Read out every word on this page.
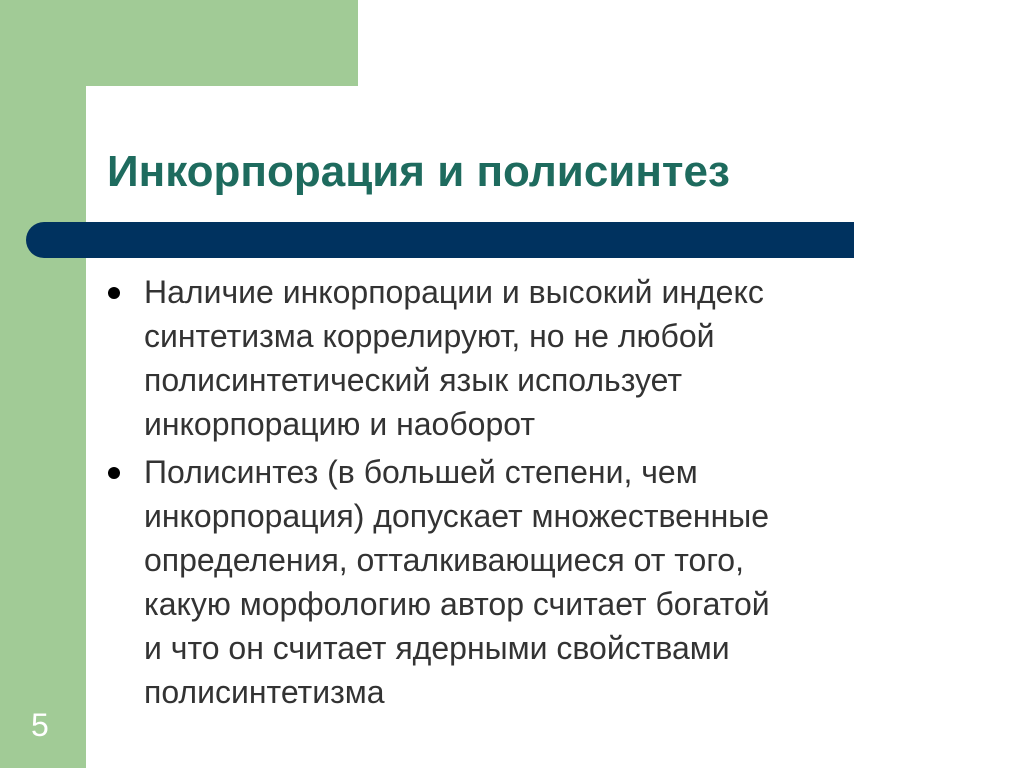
Инкорпорация и полисинтез
Наличие инкорпорации и высокий индекс
синтетизма коррелируют, но не любой
полисинтетический язык использует
инкорпорацию и наоборот
Полисинтез (в большей степени, чем
инкорпорация) допускает множественные
определения, отталкивающиеся от того,
какую морфологию автор считает богатой
и что он считает ядерными свойствами
полисинтетизма
5
